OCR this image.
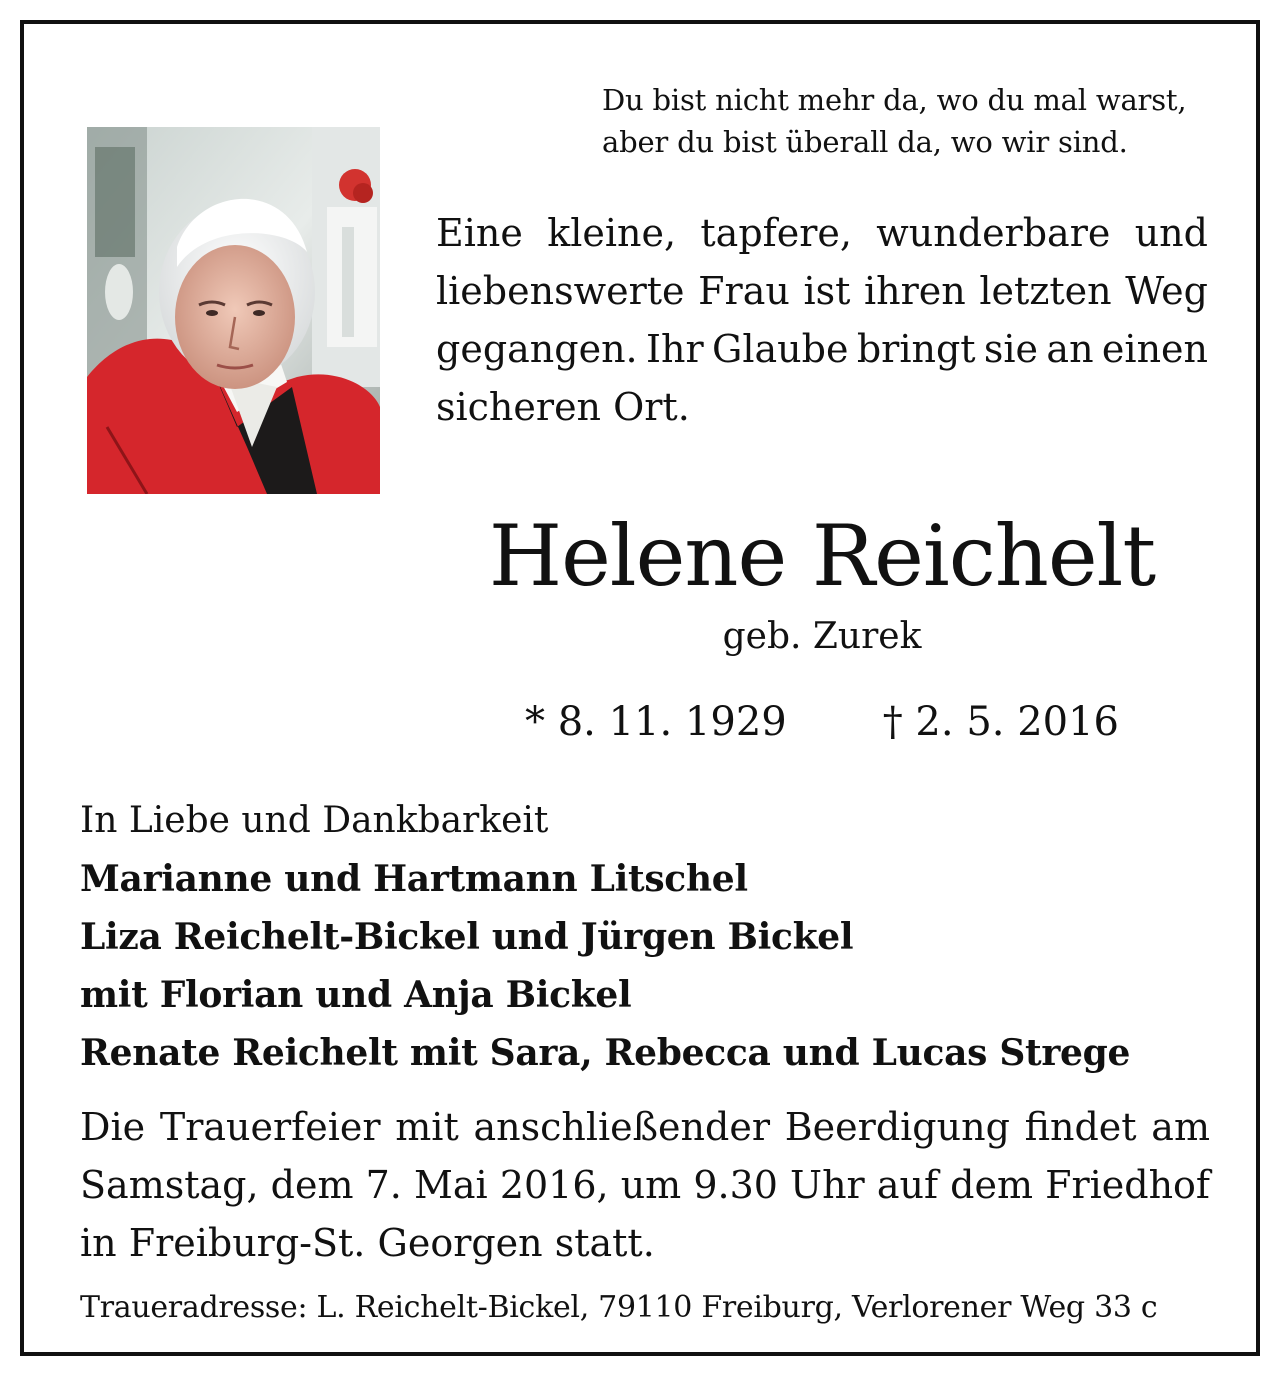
Du bist nicht mehr da, wo du mal warst,
aber du bist überall da, wo wir sind.
Eine kleine, tapfere, wunderbare und
liebenswerte Frau ist ihren letzten Weg
gegangen. Ihr Glaube bringt sie an einen
sicheren Ort.
Helene Reichelt
geb. Zurek
* 8. 11. 1929 † 2. 5. 2016
In Liebe und Dankbarkeit
Marianne und Hartmann Litschel
Liza Reichelt-Bickel und Jürgen Bickel
mit Florian und Anja Bickel
Renate Reichelt mit Sara, Rebecca und Lucas Strege
Die Trauerfeier mit anschließender Beerdigung findet am Samstag, dem 7. Mai 2016, um 9.30 Uhr auf dem Friedhof in Freiburg-St. Georgen statt.
Traueradresse: L. Reichelt-Bickel, 79110 Freiburg, Verlorener Weg 33 c
